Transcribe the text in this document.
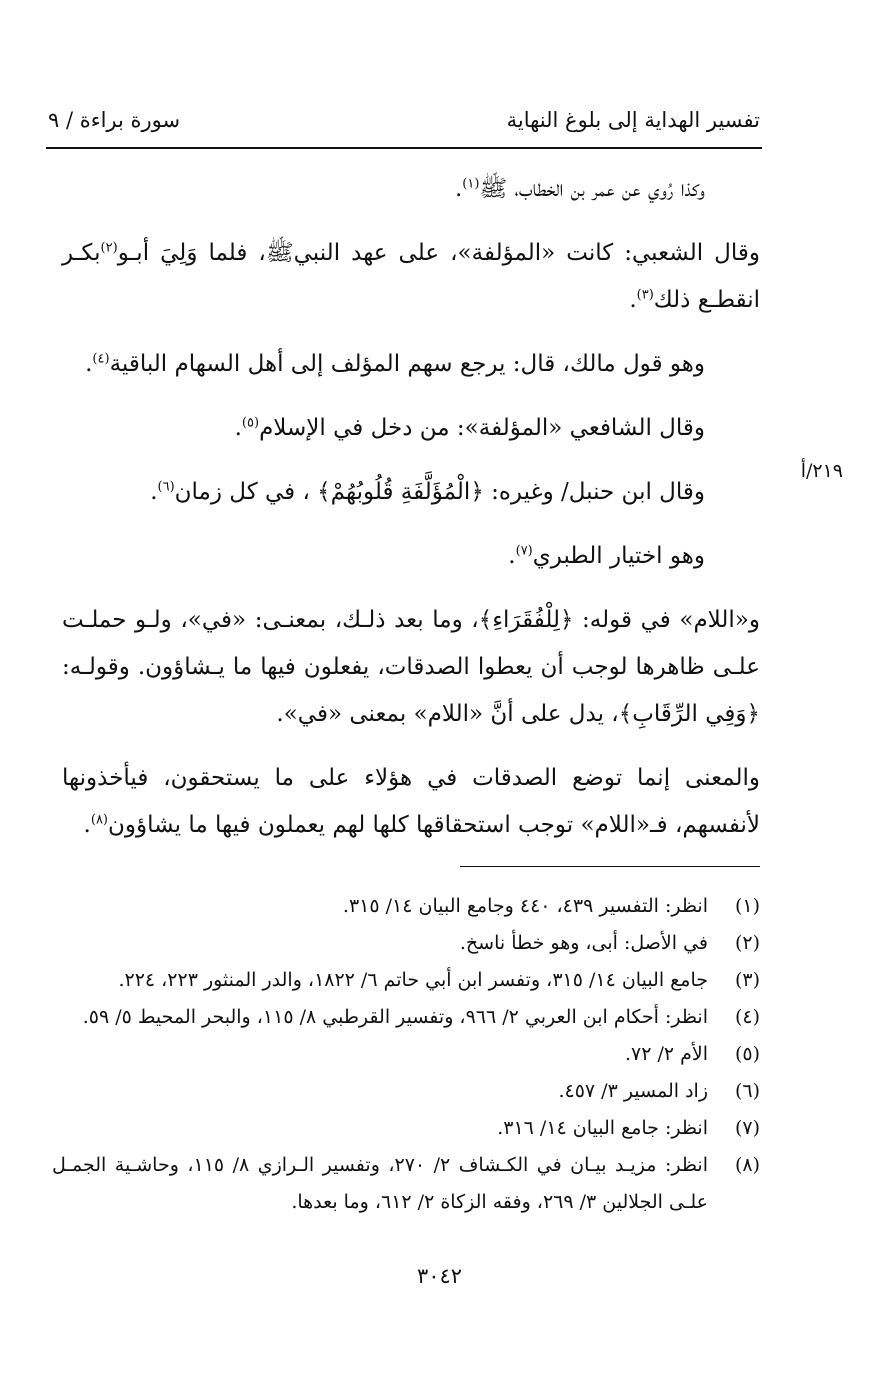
تفسير الهداية إلى بلوغ النهاية
سورة براءة / ٩
٢١٩/أ

وكذا رُوي عن عمر بن الخطاب، ﷺ$^{(١)}$.

وقال الشعبي: كانت «المؤلفة»، على عهد النبيﷺ، فلما وَلِيَ أبـو$^{(٢)}$بكـر انقطـع ذلك$^{(٣)}$.

وهو قول مالك، قال: يرجع سهم المؤلف إلى أهل السهام الباقية$^{(٤)}$.

وقال الشافعي «المؤلفة»: من دخل في الإسلام$^{(٥)}$.

وقال ابن حنبل/ وغيره: ﴿الْمُؤَلَّفَةِ قُلُوبُهُمْ﴾ ، في كل زمان$^{(٦)}$.

وهو اختيار الطبري$^{(٧)}$.

و«اللام» في قوله: ﴿لِلْفُقَرَاءِ﴾، وما بعد ذلـك، بمعنـى: «في»، ولـو حملـت علـى ظاهرها لوجب أن يعطوا الصدقات، يفعلون فيها ما يـشاؤون. وقولـه: ﴿وَفِي الرِّقَابِ﴾، يدل على أنَّ «اللام» بمعنى «في».

والمعنى إنما توضع الصدقات في هؤلاء على ما يستحقون، فيأخذونها لأنفسهم، فـ«اللام» توجب استحقاقها كلها لهم يعملون فيها ما يشاؤون$^{(٨)}$.

(١)
انظر: التفسير ٤٣٩، ٤٤٠ وجامع البيان ١٤/ ٣١٥.
(٢)
في الأصل: أبى، وهو خطأ ناسخ.
(٣)
جامع البيان ١٤/ ٣١٥، وتفسر ابن أبي حاتم ٦/ ١٨٢٢، والدر المنثور ٢٢٣، ٢٢٤.
(٤)
انظر: أحكام ابن العربي ٢/ ٩٦٦، وتفسير القرطبي ٨/ ١١٥، والبحر المحيط ٥/ ٥٩.
(٥)
الأم ٢/ ٧٢.
(٦)
زاد المسير ٣/ ٤٥٧.
(٧)
انظر: جامع البيان ١٤/ ٣١٦.
(٨)
انظر: مزيـد بيـان في الكـشاف ٢/ ٢٧٠، وتفسير الـرازي ٨/ ١١٥، وحاشـية الجمـل علـى الجلالين ٣/ ٢٦٩، وفقه الزكاة ٢/ ٦١٢، وما بعدها.
٣٠٤٢
